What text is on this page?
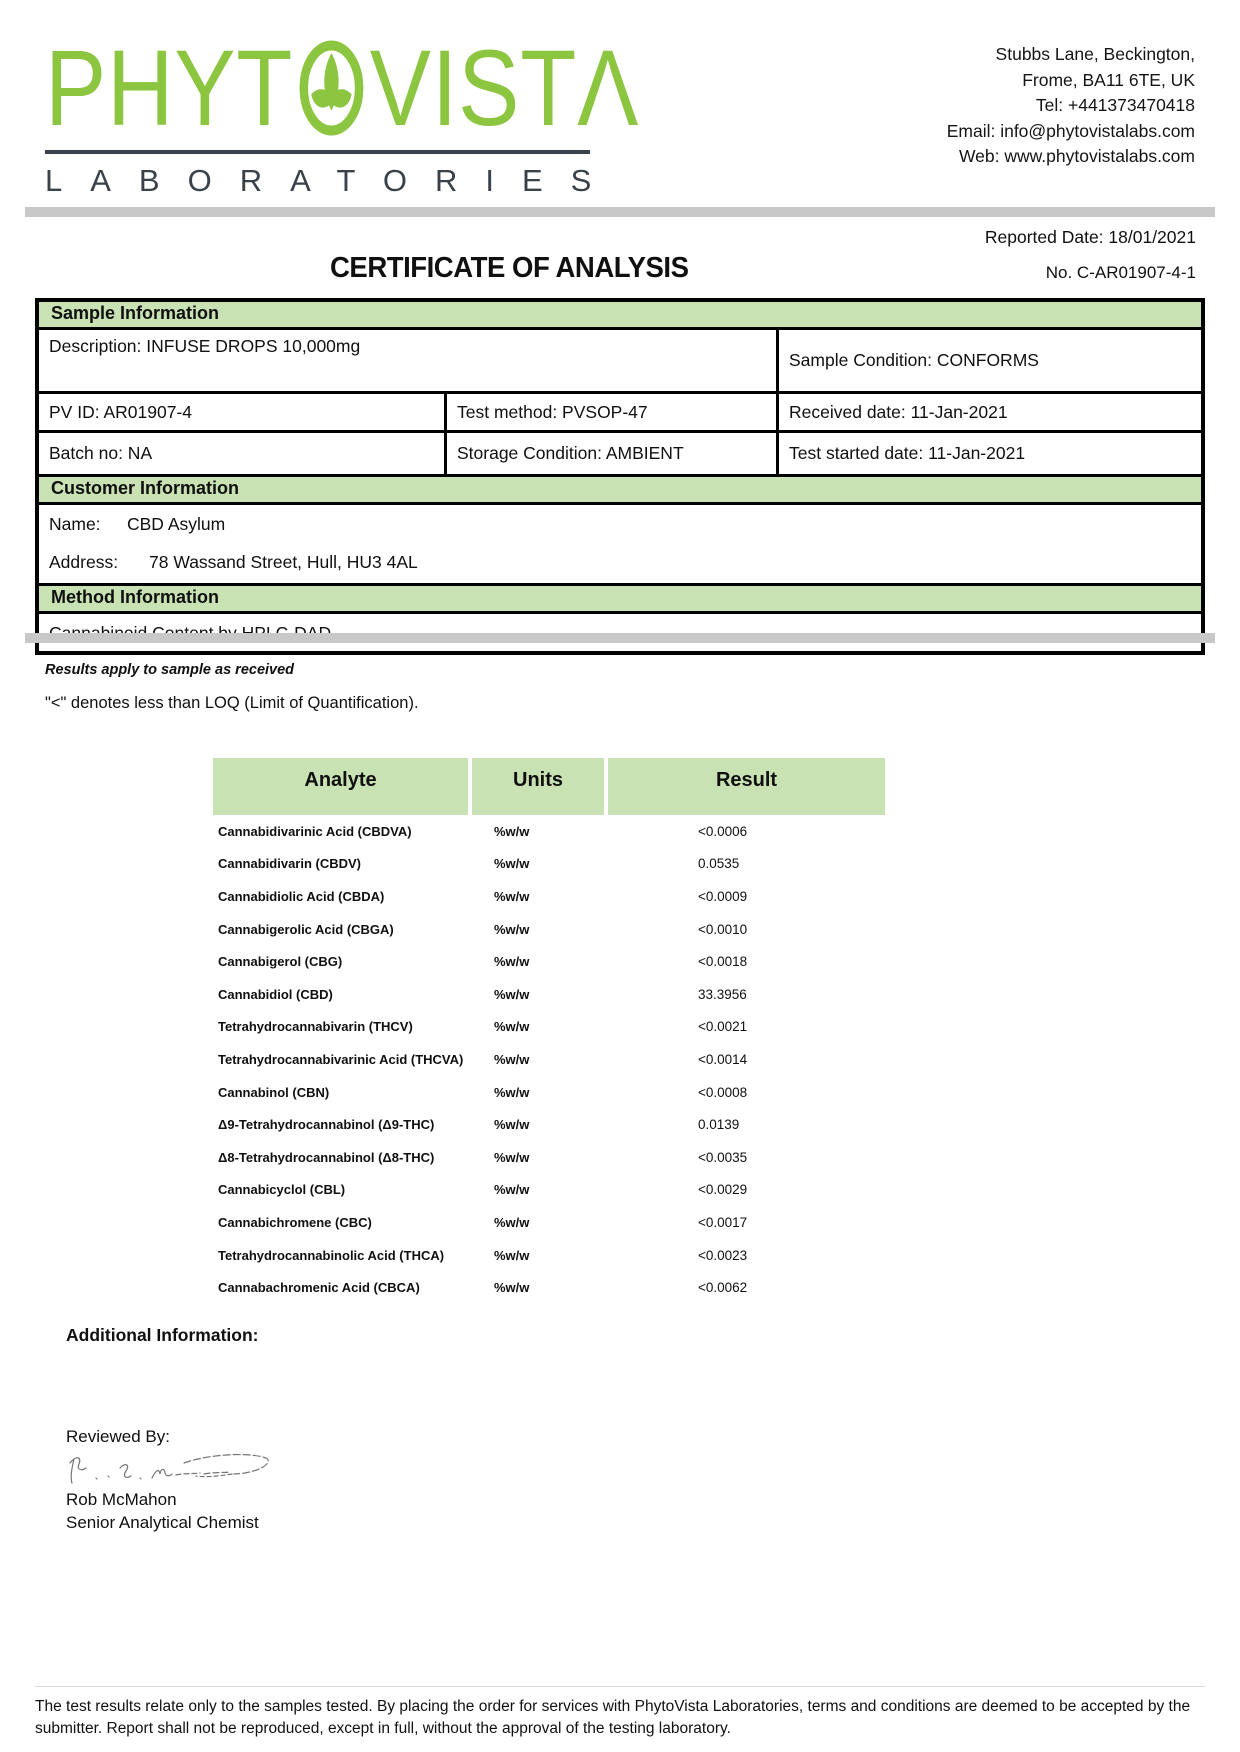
PHYT VISTΛ
LABORATORIES
Stubbs Lane, Beckington,
Frome, BA11 6TE, UK
Tel: +441373470418
Email: info@phytovistalabs.com
Web: www.phytovistalabs.com
Reported Date: 18/01/2021
CERTIFICATE OF ANALYSIS	No. C-AR01907-4-1
Sample Information
Description: INFUSE DROPS 10,000mg
Sample Condition: CONFORMS
PV ID: AR01907-4	Test method: PVSOP-47	Received date: 11-Jan-2021
Batch no: NA	Storage Condition: AMBIENT	Test started date: 11-Jan-2021
Customer Information
Name: CBD Asylum
Address: 78 Wassand Street, Hull, HU3 4AL
Method Information
Results apply to sample as received
"<" denotes less than LOQ (Limit of Quantification).
Analyte	Units	Result
Cannabidivarinic Acid (CBDVA)	%w/w	<0.0006
Cannabidivarin (CBDV)	%w/w	0.0535
Cannabidiolic Acid (CBDA)	%w/w	<0.0009
Cannabigerolic Acid (CBGA)	%w/w	<0.0010
Cannabigerol (CBG)	%w/w	<0.0018
Cannabidiol (CBD)	%w/w	33.3956
Tetrahydrocannabivarin (THCV)	%w/w	<0.0021
Tetrahydrocannabivarinic Acid (THCVA)	%w/w	<0.0014
Cannabinol (CBN)	%w/w	<0.0008
Δ9-Tetrahydrocannabinol (Δ9-THC)	%w/w	0.0139
Δ8-Tetrahydrocannabinol (Δ8-THC)	%w/w	<0.0035
Cannabicyclol (CBL)	%w/w	<0.0029
Cannabichromene (CBC)	%w/w	<0.0017
Tetrahydrocannabinolic Acid (THCA)	%w/w	<0.0023
Cannabachromenic Acid (CBCA)	%w/w	<0.0062
Additional Information:
Reviewed By:
Rob McMahon
Senior Analytical Chemist
The test results relate only to the samples tested. By placing the order for services with PhytoVista Laboratories, terms and conditions are deemed to be accepted by the submitter. Report shall not be reproduced, except in full, without the approval of the testing laboratory.
